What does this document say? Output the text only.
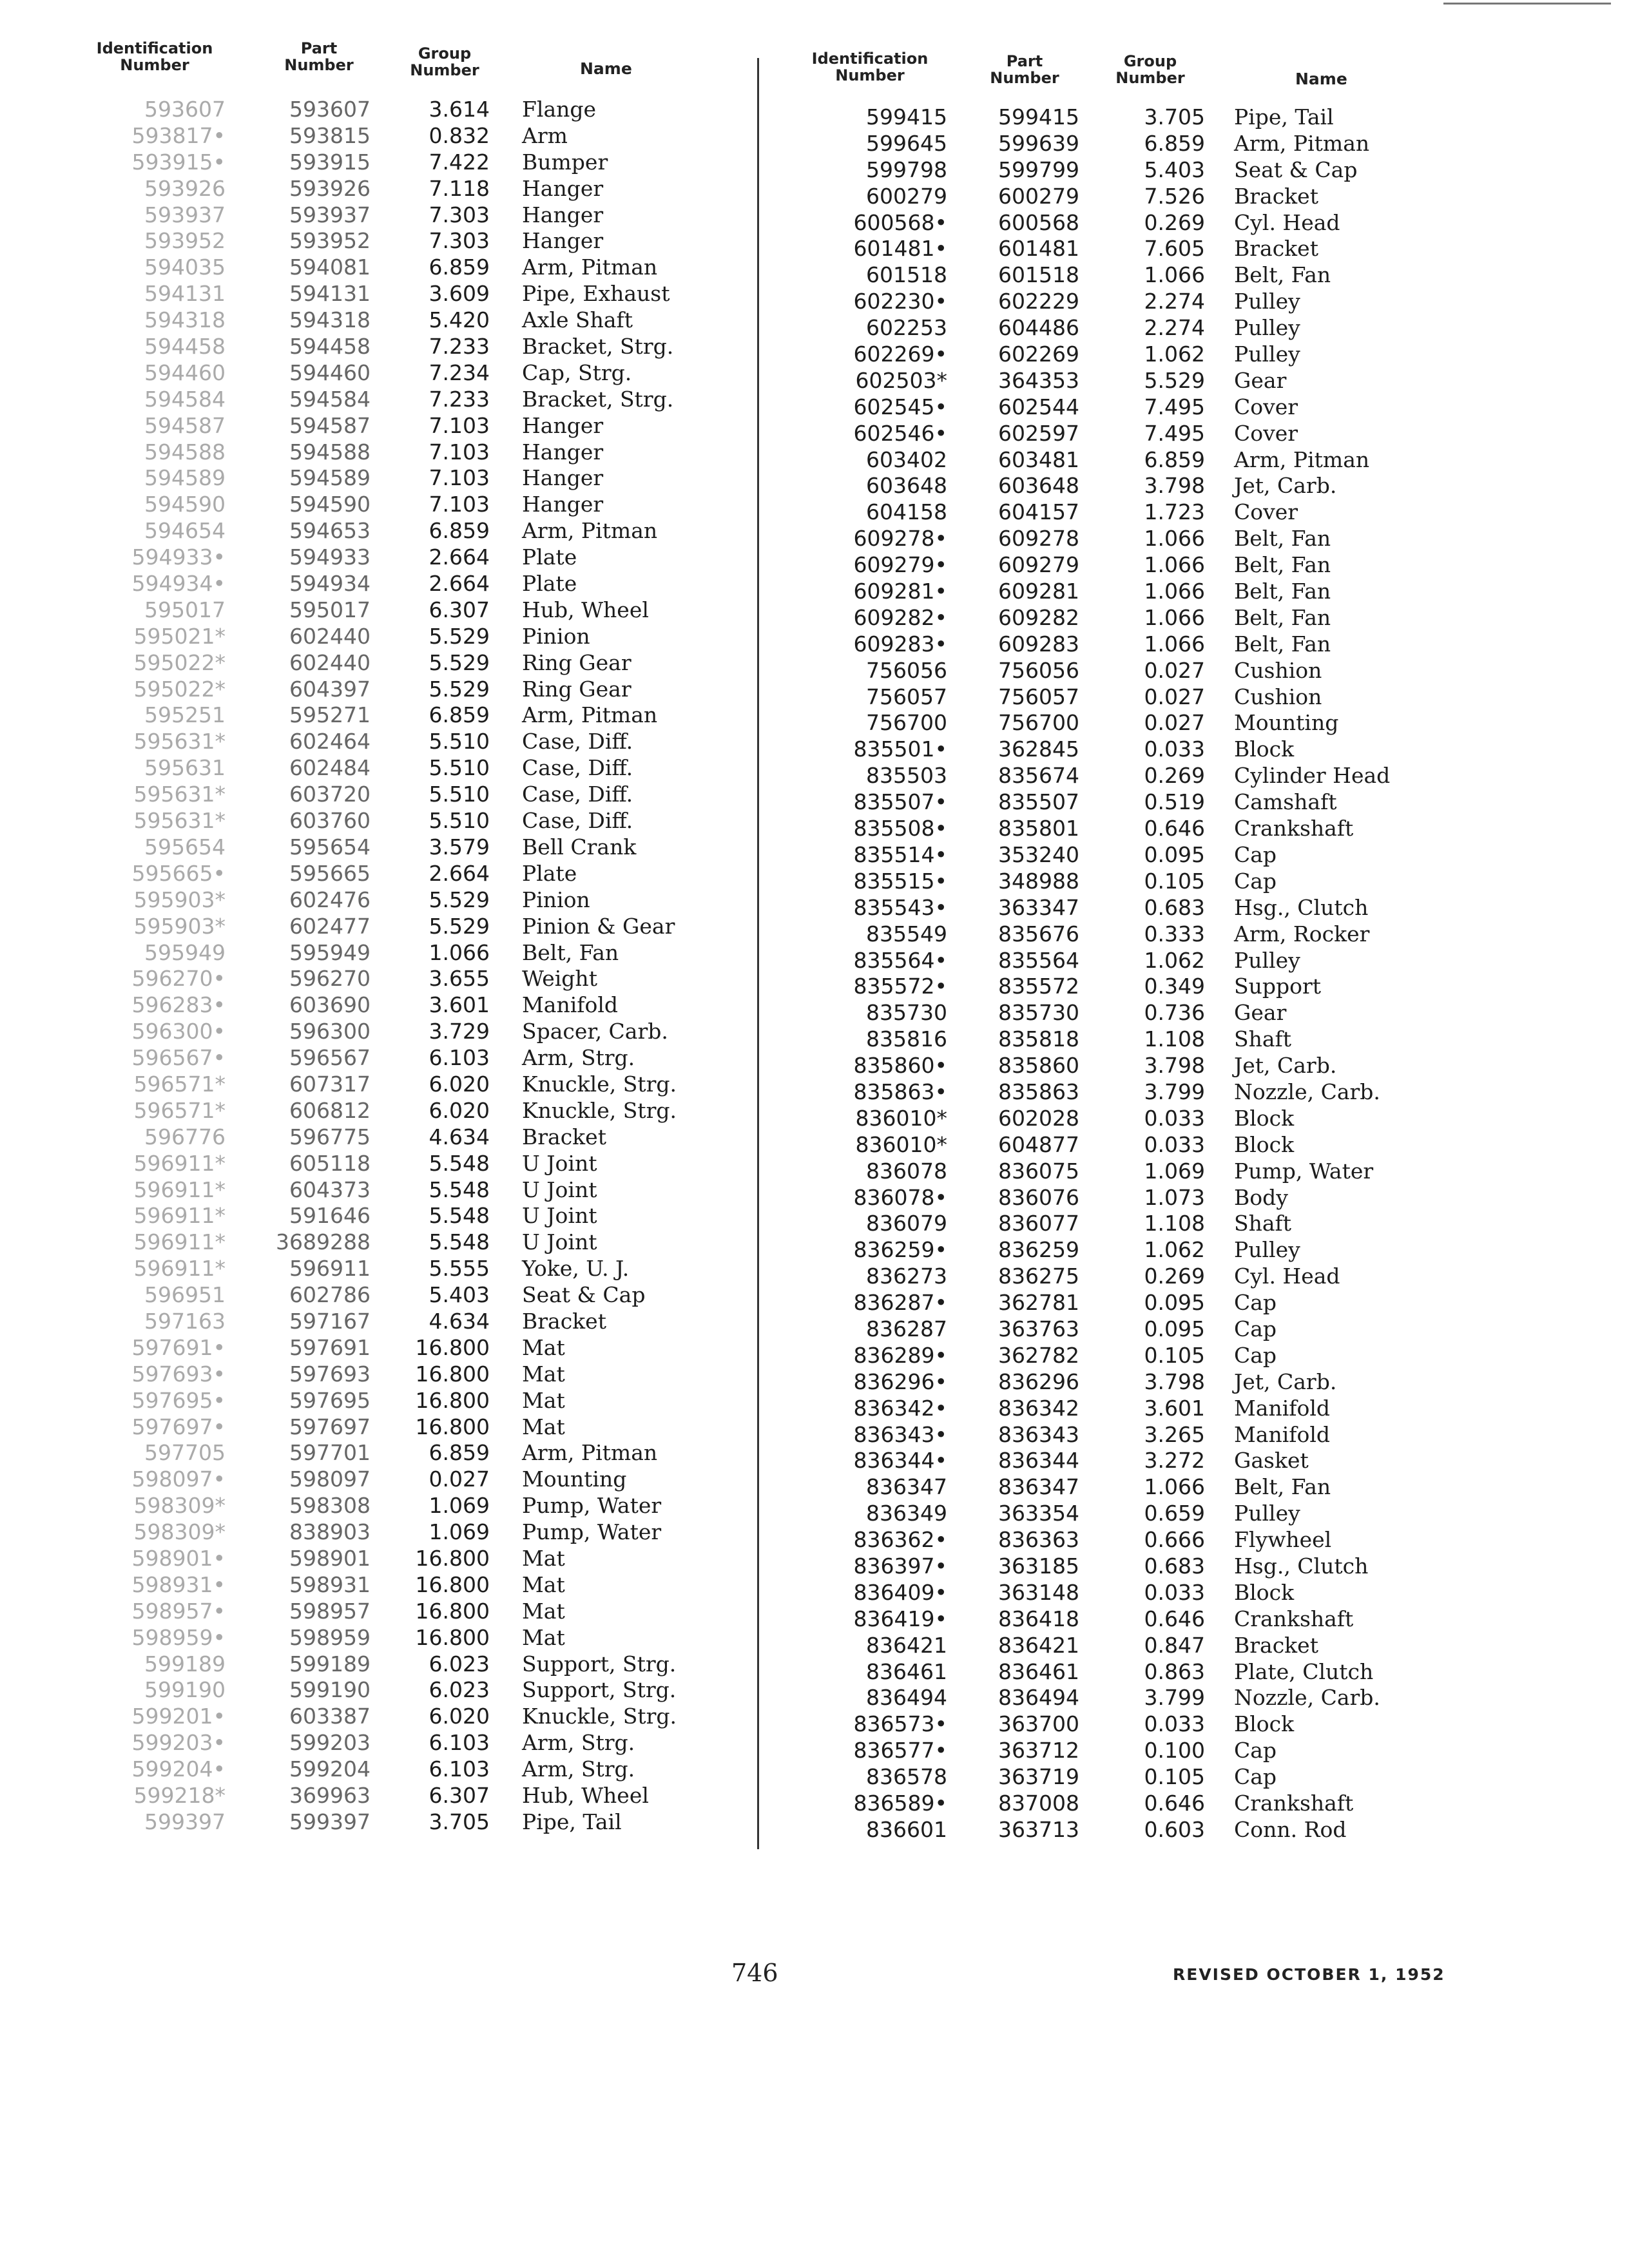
Identification Number
Part Number
Group Number	Name
Identification Number
Part Number
Group Number	Name
593607	593607	3.614 Flange
593817•	593815	0.832 Arm
593915•	593915	7.422 Bumper
593926	593926	7.118 Hanger
593937	593937	7.303 Hanger
593952	593952	7.303 Hanger
594035	594081	6.859 Arm, Pitman
594131	594131	3.609 Pipe, Exhaust
594318	594318	5.420 Axle Shaft
594458	594458	7.233 Bracket, Strg.
594460	594460	7.234 Cap, Strg.
594584	594584	7.233 Bracket, Strg.
594587	594587	7.103 Hanger
594588	594588	7.103 Hanger
594589	594589	7.103 Hanger
594590	594590	7.103 Hanger
594654	594653	6.859 Arm, Pitman
594933•	594933	2.664 Plate
594934•	594934	2.664 Plate
595017	595017	6.307 Hub, Wheel
595021*	602440	5.529 Pinion
595022*	602440	5.529 Ring Gear
595022*	604397	5.529 Ring Gear
595251	595271	6.859 Arm, Pitman
595631*	602464	5.510 Case, Diff.
595631	602484	5.510 Case, Diff.
595631*	603720	5.510 Case, Diff.
595631*	603760	5.510 Case, Diff.
595654	595654	3.579 Bell Crank
595665•	595665	2.664 Plate
595903*	602476	5.529 Pinion
595903*	602477	5.529 Pinion & Gear
595949	595949	1.066 Belt, Fan
596270•	596270	3.655 Weight
596283•	603690	3.601 Manifold
596300•	596300	3.729 Spacer, Carb.
596567•	596567	6.103 Arm, Strg.
596571*	607317	6.020 Knuckle, Strg.
596571*	606812	6.020 Knuckle, Strg.
596776	596775	4.634 Bracket
596911*	605118	5.548 U Joint
596911*	604373	5.548 U Joint
596911*	591646	5.548 U Joint
596911*	3689288	5.548 U Joint
596911*	596911	5.555 Yoke, U. J.
596951	602786	5.403 Seat & Cap
597163	597167	4.634 Bracket
597691•	597691	16.800 Mat
597693•	597693	16.800 Mat
597695•	597695	16.800 Mat
597697•	597697	16.800 Mat
597705	597701	6.859 Arm, Pitman
598097•	598097	0.027 Mounting
598309*	598308	1.069 Pump, Water
598309*	838903	1.069 Pump, Water
598901•	598901	16.800 Mat
598931•	598931	16.800 Mat
598957•	598957	16.800 Mat
598959•	598959	16.800 Mat
599189	599189	6.023 Support, Strg.
599190	599190	6.023 Support, Strg.
599201•	603387	6.020 Knuckle, Strg.
599203•	599203	6.103 Arm, Strg.
599204•	599204	6.103 Arm, Strg.
599218*	369963	6.307 Hub, Wheel
599397	599397	3.705 Pipe, Tail
599415	599415	3.705 Pipe, Tail
599645	599639	6.859 Arm, Pitman
599798	599799	5.403 Seat & Cap
600279	600279	7.526 Bracket
600568•	600568	0.269 Cyl. Head
601481•	601481	7.605 Bracket
601518	601518	1.066 Belt, Fan
602230•	602229	2.274 Pulley
602253	604486	2.274 Pulley
602269•	602269	1.062 Pulley
602503*	364353	5.529 Gear
602545•	602544	7.495 Cover
602546•	602597	7.495 Cover
603402	603481	6.859 Arm, Pitman
603648	603648	3.798 Jet, Carb.
604158	604157	1.723 Cover
609278•	609278	1.066 Belt, Fan
609279•	609279	1.066 Belt, Fan
609281•	609281	1.066 Belt, Fan
609282•	609282	1.066 Belt, Fan
609283•	609283	1.066 Belt, Fan
756056	756056	0.027 Cushion
756057	756057	0.027 Cushion
756700	756700	0.027 Mounting
835501•	362845	0.033 Block
835503	835674	0.269 Cylinder Head
835507•	835507	0.519 Camshaft
835508•	835801	0.646 Crankshaft
835514•	353240	0.095 Cap
835515•	348988	0.105 Cap
835543•	363347	0.683 Hsg., Clutch
835549	835676	0.333 Arm, Rocker
835564•	835564	1.062 Pulley
835572•	835572	0.349 Support
835730	835730	0.736 Gear
835816	835818	1.108 Shaft
835860•	835860	3.798 Jet, Carb.
835863•	835863	3.799 Nozzle, Carb.
836010*	602028	0.033 Block
836010*	604877	0.033 Block
836078	836075	1.069 Pump, Water
836078•	836076	1.073 Body
836079	836077	1.108 Shaft
836259•	836259	1.062 Pulley
836273	836275	0.269 Cyl. Head
836287•	362781	0.095 Cap
836287	363763	0.095 Cap
836289•	362782	0.105 Cap
836296•	836296	3.798 Jet, Carb.
836342•	836342	3.601 Manifold
836343•	836343	3.265 Manifold
836344•	836344	3.272 Gasket
836347	836347	1.066 Belt, Fan
836349	363354	0.659 Pulley
836362•	836363	0.666 Flywheel
836397•	363185	0.683 Hsg., Clutch
836409•	363148	0.033 Block
836419•	836418	0.646 Crankshaft
836421	836421	0.847 Bracket
836461	836461	0.863 Plate, Clutch
836494	836494	3.799 Nozzle, Carb.
836573•	363700	0.033 Block
836577•	363712	0.100 Cap
836578	363719	0.105 Cap
836589•	837008	0.646 Crankshaft
836601	363713	0.603 Conn. Rod
746	REVISED OCTOBER 1, 1952
